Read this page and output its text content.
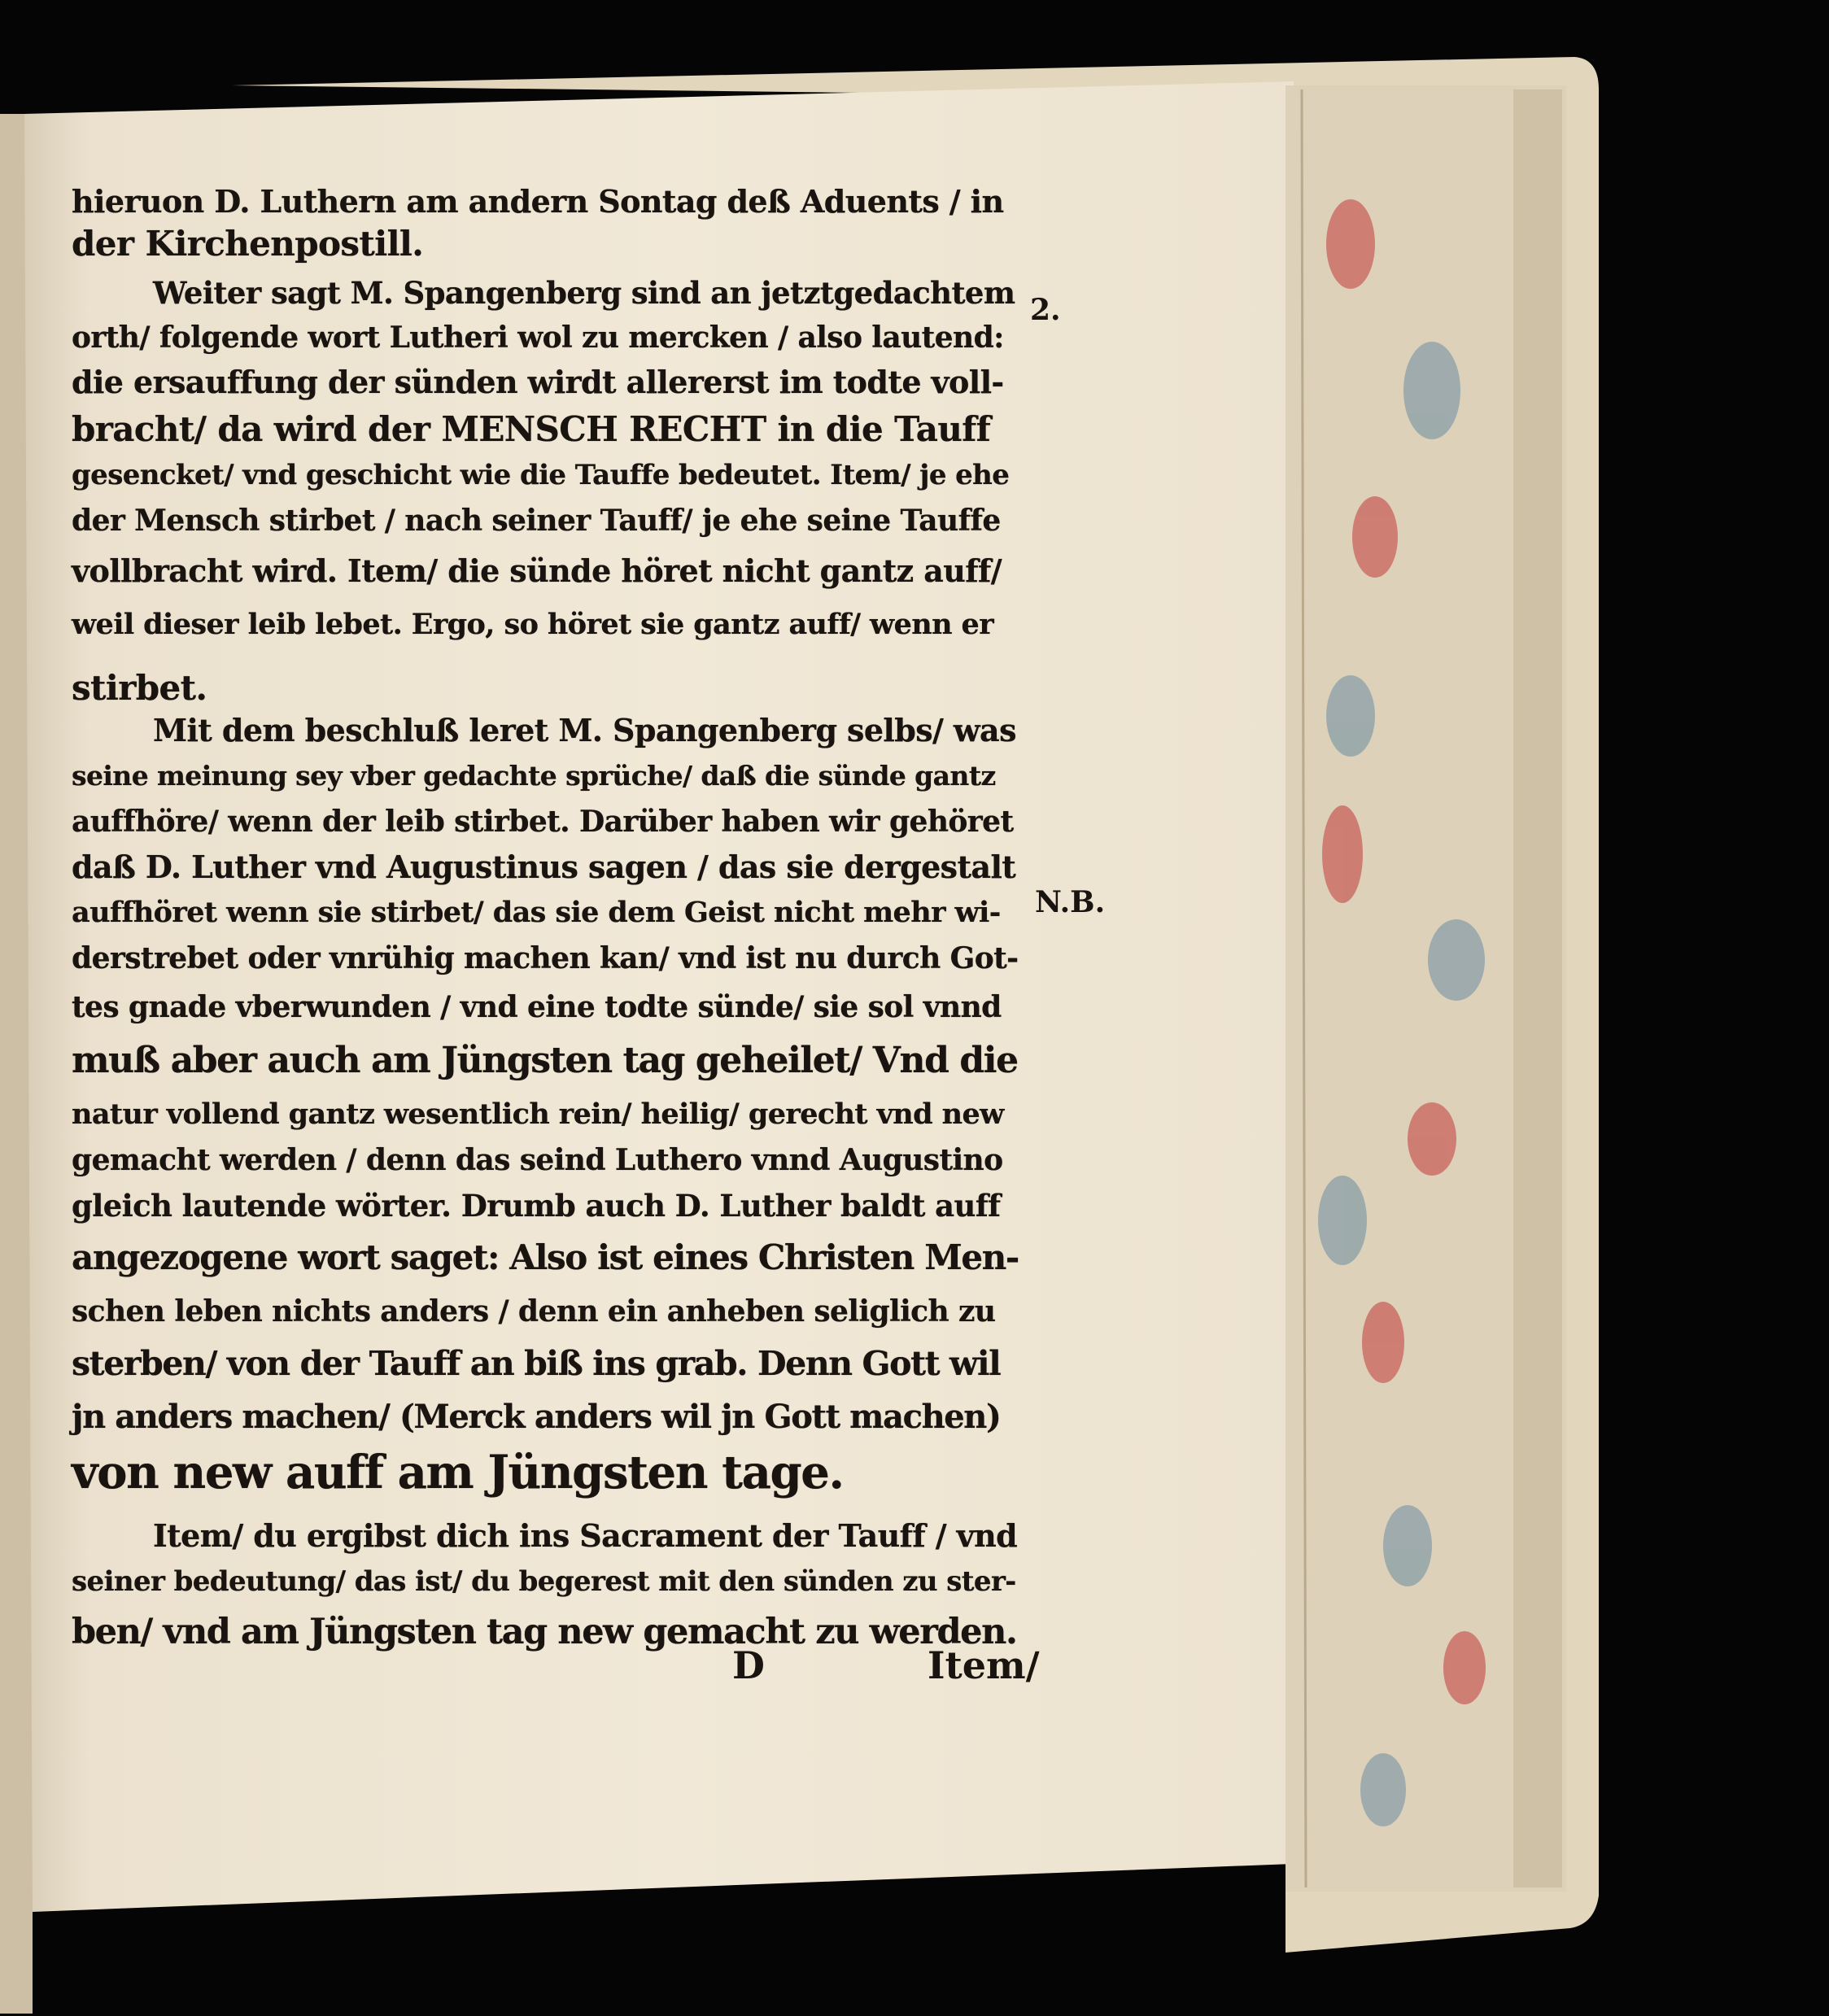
hieruon D. Luthern am andern Sontag deß Aduents / in
der Kirchenpostill.
Weiter sagt M. Spangenberg sind an jetztgedachtem
orth/ folgende wort Lutheri wol zu mercken / also lautend:
die ersauffung der sünden wirdt allererst im todte voll-
bracht/ da wird der MENSCH RECHT in die Tauff
gesencket/ vnd geschicht wie die Tauffe bedeutet. Item/ je ehe
der Mensch stirbet / nach seiner Tauff/ je ehe seine Tauffe
vollbracht wird. Item/ die sünde höret nicht gantz auff/
weil dieser leib lebet. Ergo, so höret sie gantz auff/ wenn er
stirbet.
Mit dem beschluß leret M. Spangenberg selbs/ was
seine meinung sey vber gedachte sprüche/ daß die sünde gantz
auffhöre/ wenn der leib stirbet. Darüber haben wir gehöret
daß D. Luther vnd Augustinus sagen / das sie dergestalt
auffhöret wenn sie stirbet/ das sie dem Geist nicht mehr wi-
derstrebet oder vnrühig machen kan/ vnd ist nu durch Got-
tes gnade vberwunden / vnd eine todte sünde/ sie sol vnnd
muß aber auch am Jüngsten tag geheilet/ Vnd die
natur vollend gantz wesentlich rein/ heilig/ gerecht vnd new
gemacht werden / denn das seind Luthero vnnd Augustino
gleich lautende wörter. Drumb auch D. Luther baldt auff
angezogene wort saget: Also ist eines Christen Men-
schen leben nichts anders / denn ein anheben seliglich zu
sterben/ von der Tauff an biß ins grab. Denn Gott wil
jn anders machen/ (Merck anders wil jn Gott machen)
von new auff am Jüngsten tage.
Item/ du ergibst dich ins Sacrament der Tauff / vnd
seiner bedeutung/ das ist/ du begerest mit den sünden zu ster-
ben/ vnd am Jüngsten tag new gemacht zu werden.
2.
N.B.
D	Item/
